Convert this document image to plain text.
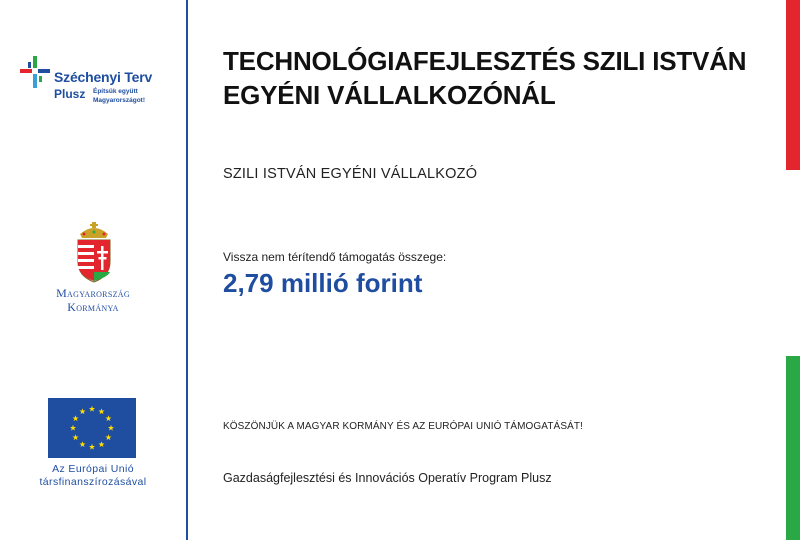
Széchenyi Terv
Plusz Építsük együtt
Magyarországot!
Magyarország
Kormánya
Az Európai Unió
társfinanszírozásával
TECHNOLÓGIAFEJLESZTÉS SZILI ISTVÁN EGYÉNI VÁLLALKOZÓNÁL
SZILI ISTVÁN EGYÉNI VÁLLALKOZÓ
Vissza nem térítendő támogatás összege:
2,79 millió forint
KÖSZÖNJÜK A MAGYAR KORMÁNY ÉS AZ EURÓPAI UNIÓ TÁMOGATÁSÁT!
Gazdaságfejlesztési és Innovációs Operatív Program Plusz
